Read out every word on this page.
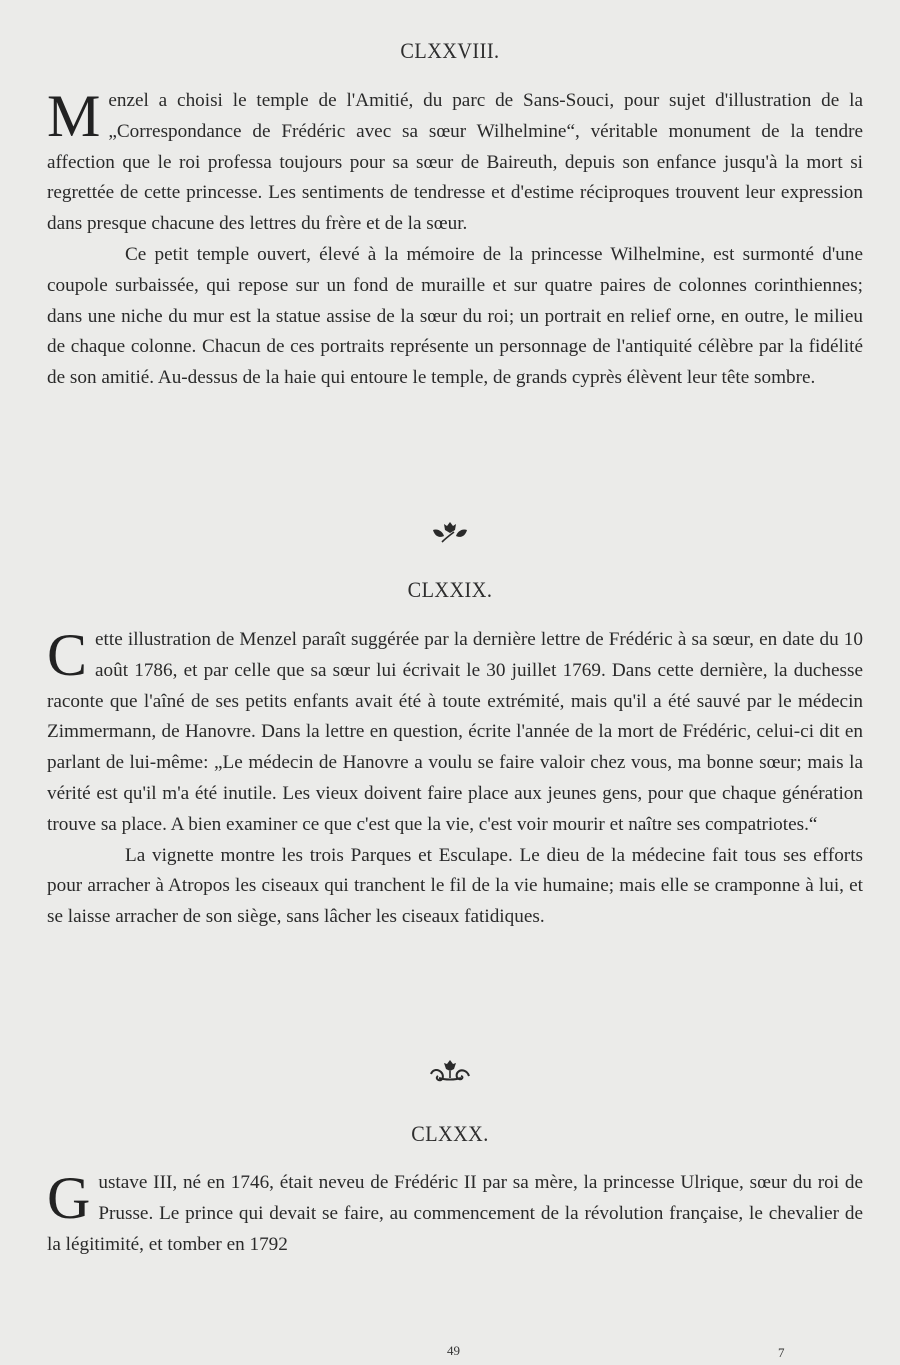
CLXXVIII.
M enzel a choisi le temple de l'Amitié, du parc de Sans-Souci, pour sujet d'illustration de la „Correspondance de Frédéric avec sa sœur Wilhelmine“, véritable monument de la tendre affection que le roi professa toujours pour sa sœur de Baireuth, depuis son enfance jusqu'à la mort si regrettée de cette princesse. Les sentiments de tendresse et d'estime réciproques trouvent leur expression dans presque chacune des lettres du frère et de la sœur.

Ce petit temple ouvert, élevé à la mémoire de la princesse Wilhelmine, est surmonté d'une coupole surbaissée, qui repose sur un fond de muraille et sur quatre paires de colonnes corinthiennes; dans une niche du mur est la statue assise de la sœur du roi; un portrait en relief orne, en outre, le milieu de chaque colonne. Chacun de ces portraits représente un personnage de l'antiquité célèbre par la fidélité de son amitié. Au-dessus de la haie qui entoure le temple, de grands cyprès élèvent leur tête sombre.

CLXXIX.
C ette illustration de Menzel paraît suggérée par la dernière lettre de Frédéric à sa sœur, en date du 10 août 1786, et par celle que sa sœur lui écrivait le 30 juillet 1769. Dans cette dernière, la duchesse raconte que l'aîné de ses petits enfants avait été à toute extrémité, mais qu'il a été sauvé par le médecin Zimmermann, de Hanovre. Dans la lettre en question, écrite l'année de la mort de Frédéric, celui-ci dit en parlant de lui-même: „Le médecin de Hanovre a voulu se faire valoir chez vous, ma bonne sœur; mais la vérité est qu'il m'a été inutile. Les vieux doivent faire place aux jeunes gens, pour que chaque génération trouve sa place. A bien examiner ce que c'est que la vie, c'est voir mourir et naître ses compatriotes.“

La vignette montre les trois Parques et Esculape. Le dieu de la médecine fait tous ses efforts pour arracher à Atropos les ciseaux qui tranchent le fil de la vie humaine; mais elle se cramponne à lui, et se laisse arracher de son siège, sans lâcher les ciseaux fatidiques.

CLXXX.
G ustave III, né en 1746, était neveu de Frédéric II par sa mère, la princesse Ulrique, sœur du roi de Prusse. Le prince qui devait se faire, au commencement de la révolution française, le chevalier de la légitimité, et tomber en 1792

49	7
